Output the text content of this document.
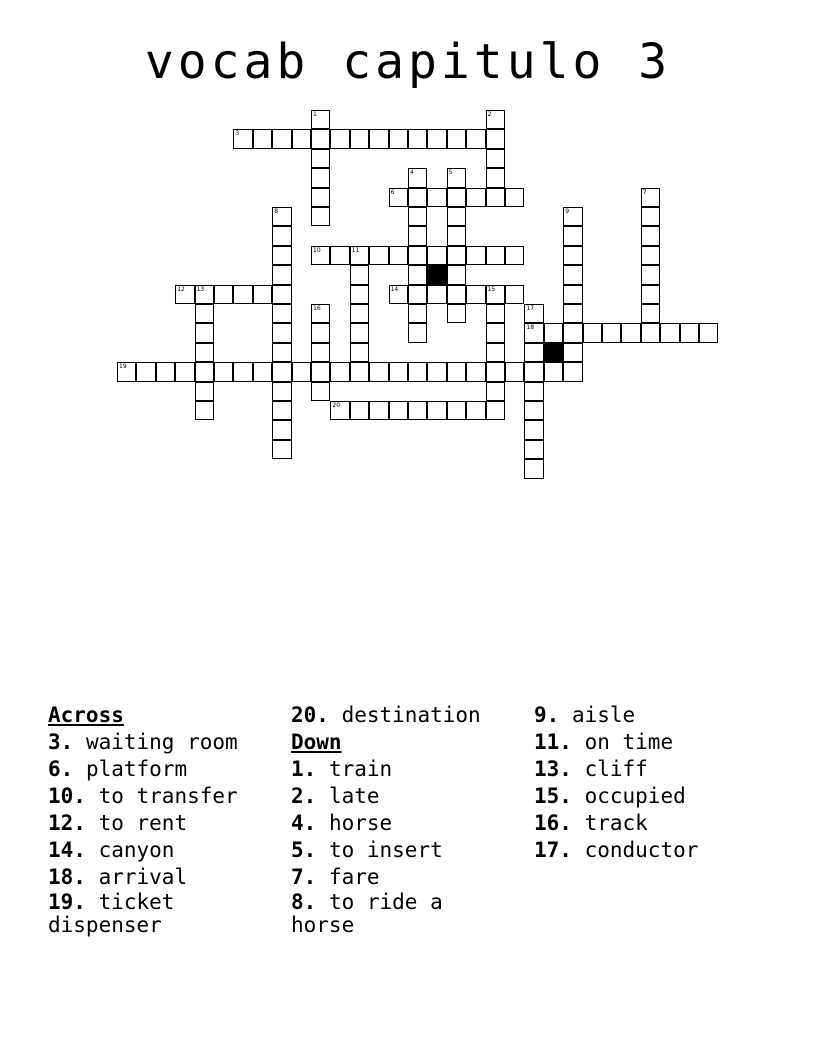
vocab capitulo 3
3
6
10	11
12 13	14	15
18
19
20
1	2
4	5
7
8	9
16	17
Across
3. waiting room
6. platform
10. to transfer
12. to rent
14. canyon
18. arrival
19. ticket dispenser
20. destination
Down
1. train
2. late
4. horse
5. to insert
7. fare
8. to ride a horse
9. aisle
11. on time
13. cliff
15. occupied
16. track
17. conductor
